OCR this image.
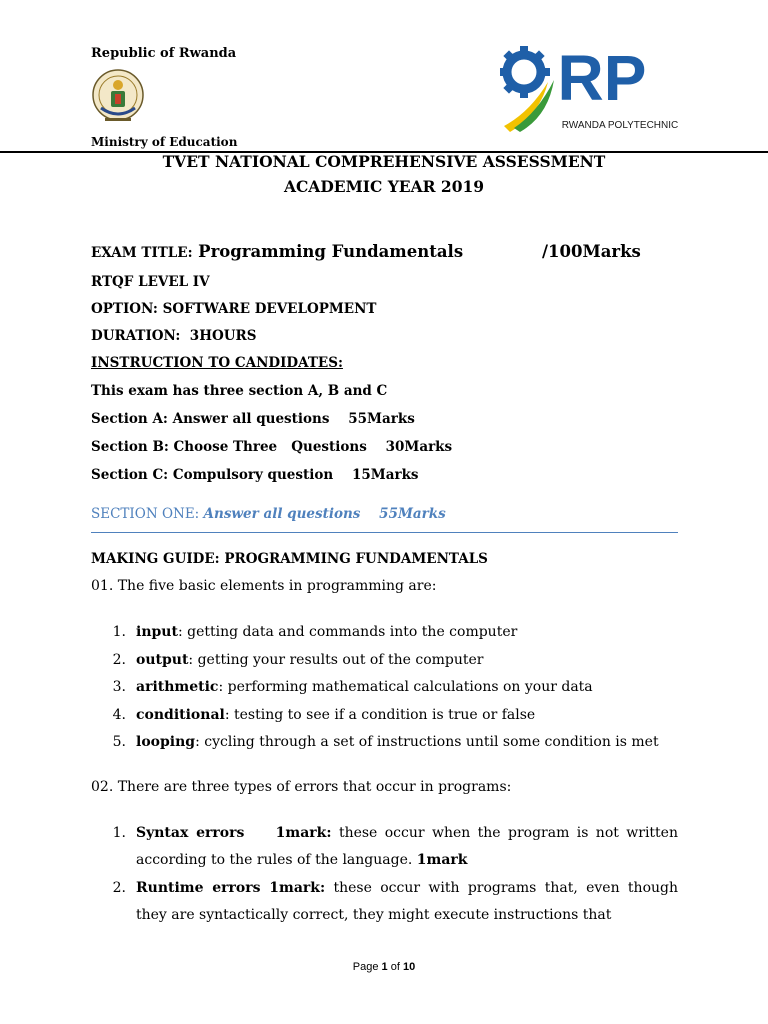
Republic of Rwanda
Ministry of Education
RP
RWANDA POLYTECHNIC
TVET NATIONAL COMPREHENSIVE ASSESSMENT
ACADEMIC YEAR 2019
EXAM TITLE: Programming Fundamentals	/100Marks
RTQF LEVEL IV
OPTION: SOFTWARE DEVELOPMENT
DURATION:  3HOURS
INSTRUCTION TO CANDIDATES:
This exam has three section A, B and C
Section A: Answer all questions    55Marks
Section B: Choose Three   Questions    30Marks
Section C: Compulsory question    15Marks
SECTION ONE: Answer all questions    55Marks
MAKING GUIDE: PROGRAMMING FUNDAMENTALS
01. The five basic elements in programming are:
1. input: getting data and commands into the computer
2. output: getting your results out of the computer
3. arithmetic: performing mathematical calculations on your data
4. conditional: testing to see if a condition is true or false
5. looping: cycling through a set of instructions until some condition is met
02. There are three types of errors that occur in programs:
1. Syntax errors    1mark: these occur when the program is not written according to the rules of the language. 1mark
2. Runtime errors 1mark: these occur with programs that, even though they are syntactically correct, they might execute instructions that
Page 1 of 10
